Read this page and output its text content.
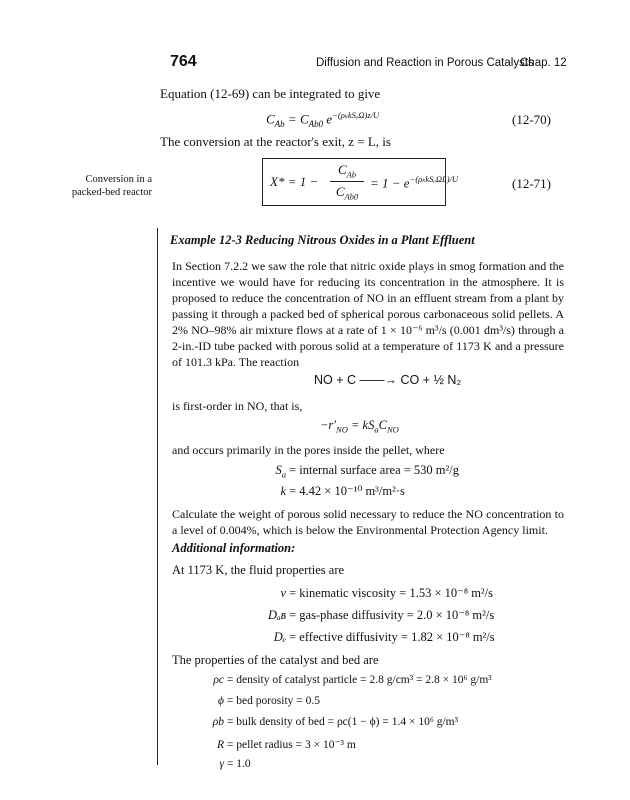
764	Diffusion and Reaction in Porous Catalysts
Chap. 12
Equation (12-69) can be integrated to give
$C_{Ab} = C_{Ab0}$ $e^{-(\rho_kkS_a\Omega)z/U}$	(12-70)
The conversion at the reactor's exit, z = L, is
Conversion in a
packed-bed reactor
X* = 1 −
$C_{Ab}$
$C_{Ab0}$
= $1 - e^{-(\rho_kkS_a\Omega L)/U}$	(12-71)
Example 12-3 Reducing Nitrous Oxides in a Plant Effluent
In Section 7.2.2 we saw the role that nitric oxide plays in smog formation and the incentive we would have for reducing its concentration in the atmosphere. It is proposed to reduce the concentration of NO in an effluent stream from a plant by passing it through a packed bed of spherical porous carbonaceous solid pellets. A 2% NO–98% air mixture flows at a rate of 1 × 10⁻⁶ m³/s (0.001 dm³/s) through a 2-in.-ID tube packed with porous solid at a temperature of 1173 K and a pressure of 101.3 kPa. The reaction
NO + C ——→ CO + ½ N₂
is first-order in NO, that is,
$-r'_{NO} = kS_aC_{NO}$
and occurs primarily in the pores inside the pellet, where
$S_a$ = internal surface area = 530 m²/g
k = 4.42 × 10⁻¹⁰ m³/m²·s
Calculate the weight of porous solid necessary to reduce the NO concentration to a level of 0.004%, which is below the Environmental Protection Agency limit.
Additional information:
At 1173 K, the fluid properties are
ν = kinematic viscosity = 1.53 × 10⁻⁸ m²/s
Dₐʙ = gas-phase diffusivity = 2.0 × 10⁻⁸ m²/s
Dₑ = effective diffusivity = 1.82 × 10⁻⁸ m²/s
The properties of the catalyst and bed are
ρc = density of catalyst particle = 2.8 g/cm³ = 2.8 × 10⁶ g/m³
ϕ = bed porosity = 0.5
ρb = bulk density of bed = ρc(1 − ϕ) = 1.4 × 10⁶ g/m³
R = pellet radius = 3 × 10⁻³ m
γ = 1.0
